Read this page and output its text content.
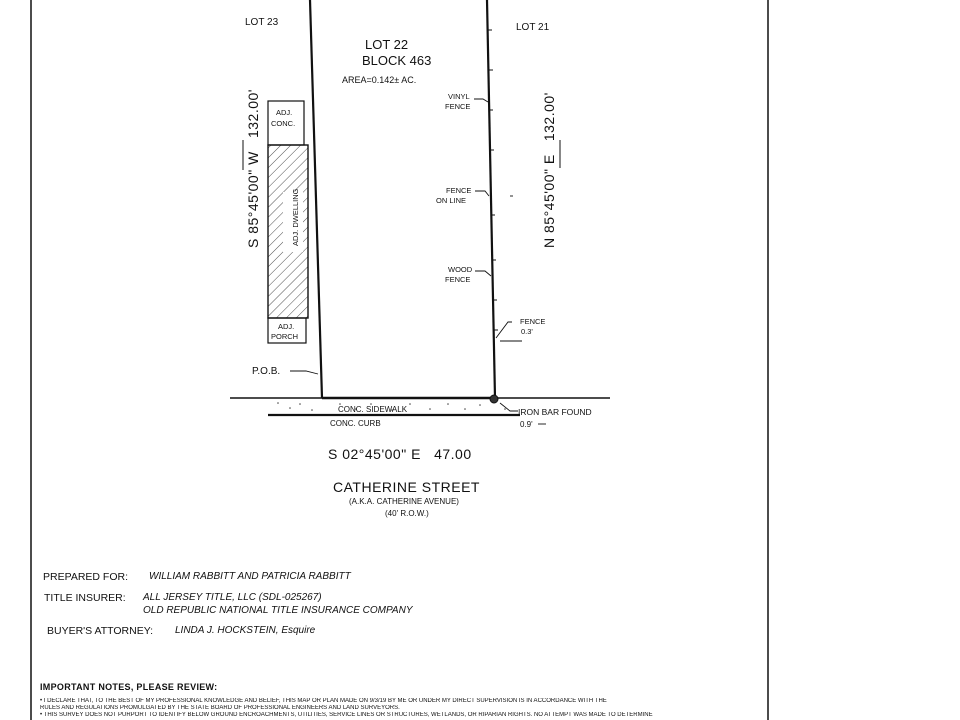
LOT 23	LOT 21
LOT 22
BLOCK 463
AREA=0.142± AC.
S 85°45'00" W   132.00'	N 85°45'00" E   132.00'
S 02°45'00" E   47.00
ADJ.
CONC.
ADJ. DWELLING
ADJ.
PORCH
VINYL
FENCE
FENCE
ON LINE
WOOD
FENCE
FENCE
0.3'
P.O.B.
CONC. SIDEWALK
CONC. CURB
IRON BAR FOUND
0.9'
CATHERINE STREET
(A.K.A. CATHERINE AVENUE)
(40' R.O.W.)
PREPARED FOR: WILLIAM RABBITT AND PATRICIA RABBITT
TITLE INSURER: ALL JERSEY TITLE, LLC (SDL-025267)
OLD REPUBLIC NATIONAL TITLE INSURANCE COMPANY
BUYER'S ATTORNEY: LINDA J. HOCKSTEIN, Esquire
IMPORTANT NOTES, PLEASE REVIEW:
• I DECLARE THAT, TO THE BEST OF MY PROFESSIONAL KNOWLEDGE AND BELIEF, THIS MAP OR PLAN MADE ON 9/3/19 BY ME OR UNDER MY DIRECT SUPERVISION IS IN ACCORDANCE WITH THE
RULES AND REGULATIONS PROMULGATED BY THE STATE BOARD OF PROFESSIONAL ENGINEERS AND LAND SURVEYORS.
• THIS SURVEY DOES NOT PURPORT TO IDENTIFY BELOW GROUND ENCROACHMENTS, UTILITIES, SERVICE LINES OR STRUCTURES, WETLANDS, OR RIPARIAN RIGHTS. NO ATTEMPT WAS MADE TO DETERMINE
